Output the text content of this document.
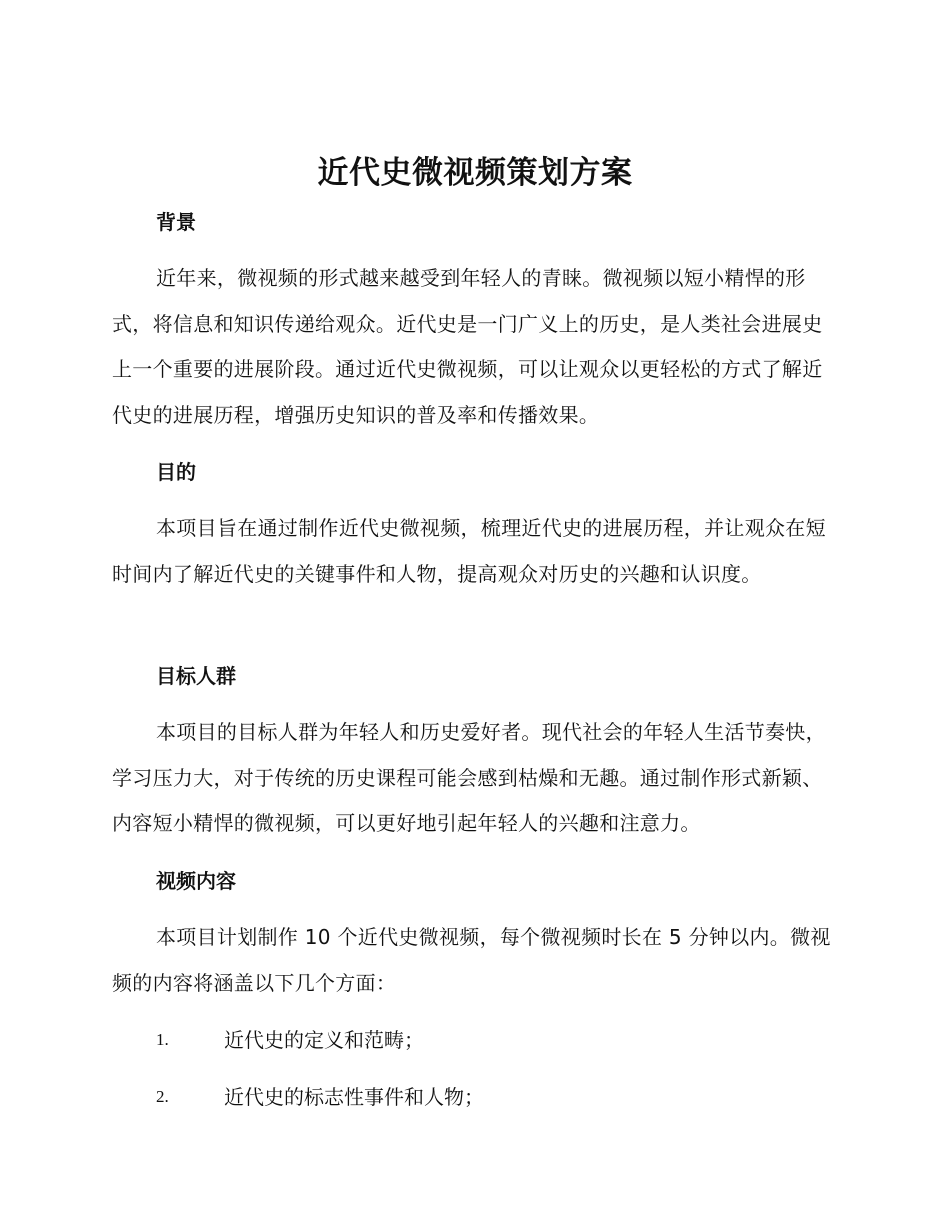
近代史微视频策划方案
背景
近年来，微视频的形式越来越受到年轻人的青睐。微视频以短小精悍的形式，将信息和知识传递给观众。近代史是一门广义上的历史，是人类社会进展史上一个重要的进展阶段。通过近代史微视频，可以让观众以更轻松的方式了解近代史的进展历程，增强历史知识的普及率和传播效果。
目的
本项目旨在通过制作近代史微视频，梳理近代史的进展历程，并让观众在短时间内了解近代史的关键事件和人物，提高观众对历史的兴趣和认识度。
目标人群
本项目的目标人群为年轻人和历史爱好者。现代社会的年轻人生活节奏快，学习压力大，对于传统的历史课程可能会感到枯燥和无趣。通过制作形式新颖、内容短小精悍的微视频，可以更好地引起年轻人的兴趣和注意力。
视频内容
本项目计划制作 10 个近代史微视频，每个微视频时长在 5 分钟以内。微视频的内容将涵盖以下几个方面：
1.	近代史的定义和范畴；
2.	近代史的标志性事件和人物；
